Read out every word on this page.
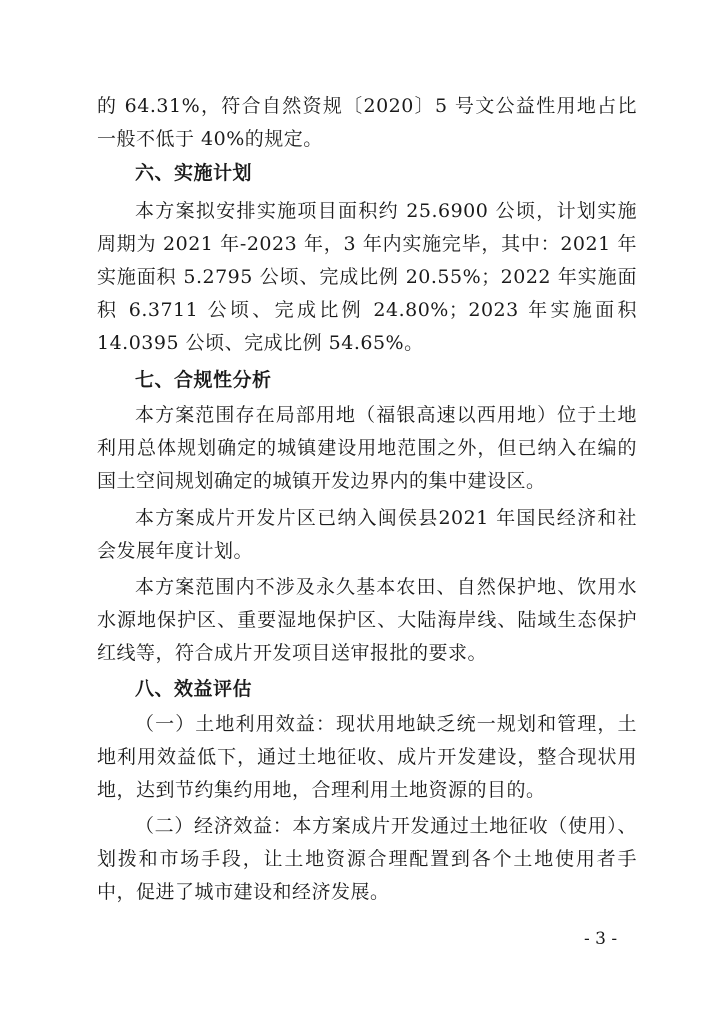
的 64.31%，符合自然资规〔2020〕5 号文公益性用地占比一般不低于 40%的规定。

六、实施计划

本方案拟安排实施项目面积约 25.6900 公顷，计划实施周期为 2021 年-2023 年，3 年内实施完毕，其中：2021 年实施面积 5.2795 公顷、完成比例 20.55%；2022 年实施面积 6.3711 公顷、完成比例 24.80%；2023 年实施面积 14.0395 公顷、完成比例 54.65%。

七、合规性分析

本方案范围存在局部用地（福银高速以西用地）位于土地利用总体规划确定的城镇建设用地范围之外，但已纳入在编的国土空间规划确定的城镇开发边界内的集中建设区。

本方案成片开发片区已纳入闽侯县2021 年国民经济和社会发展年度计划。

本方案范围内不涉及永久基本农田、自然保护地、饮用水水源地保护区、重要湿地保护区、大陆海岸线、陆域生态保护红线等，符合成片开发项目送审报批的要求。

八、效益评估

（一）土地利用效益：现状用地缺乏统一规划和管理，土地利用效益低下，通过土地征收、成片开发建设，整合现状用地，达到节约集约用地，合理利用土地资源的目的。

（二）经济效益：本方案成片开发通过土地征收（使用）、划拨和市场手段，让土地资源合理配置到各个土地使用者手中，促进了城市建设和经济发展。

- 3 -
